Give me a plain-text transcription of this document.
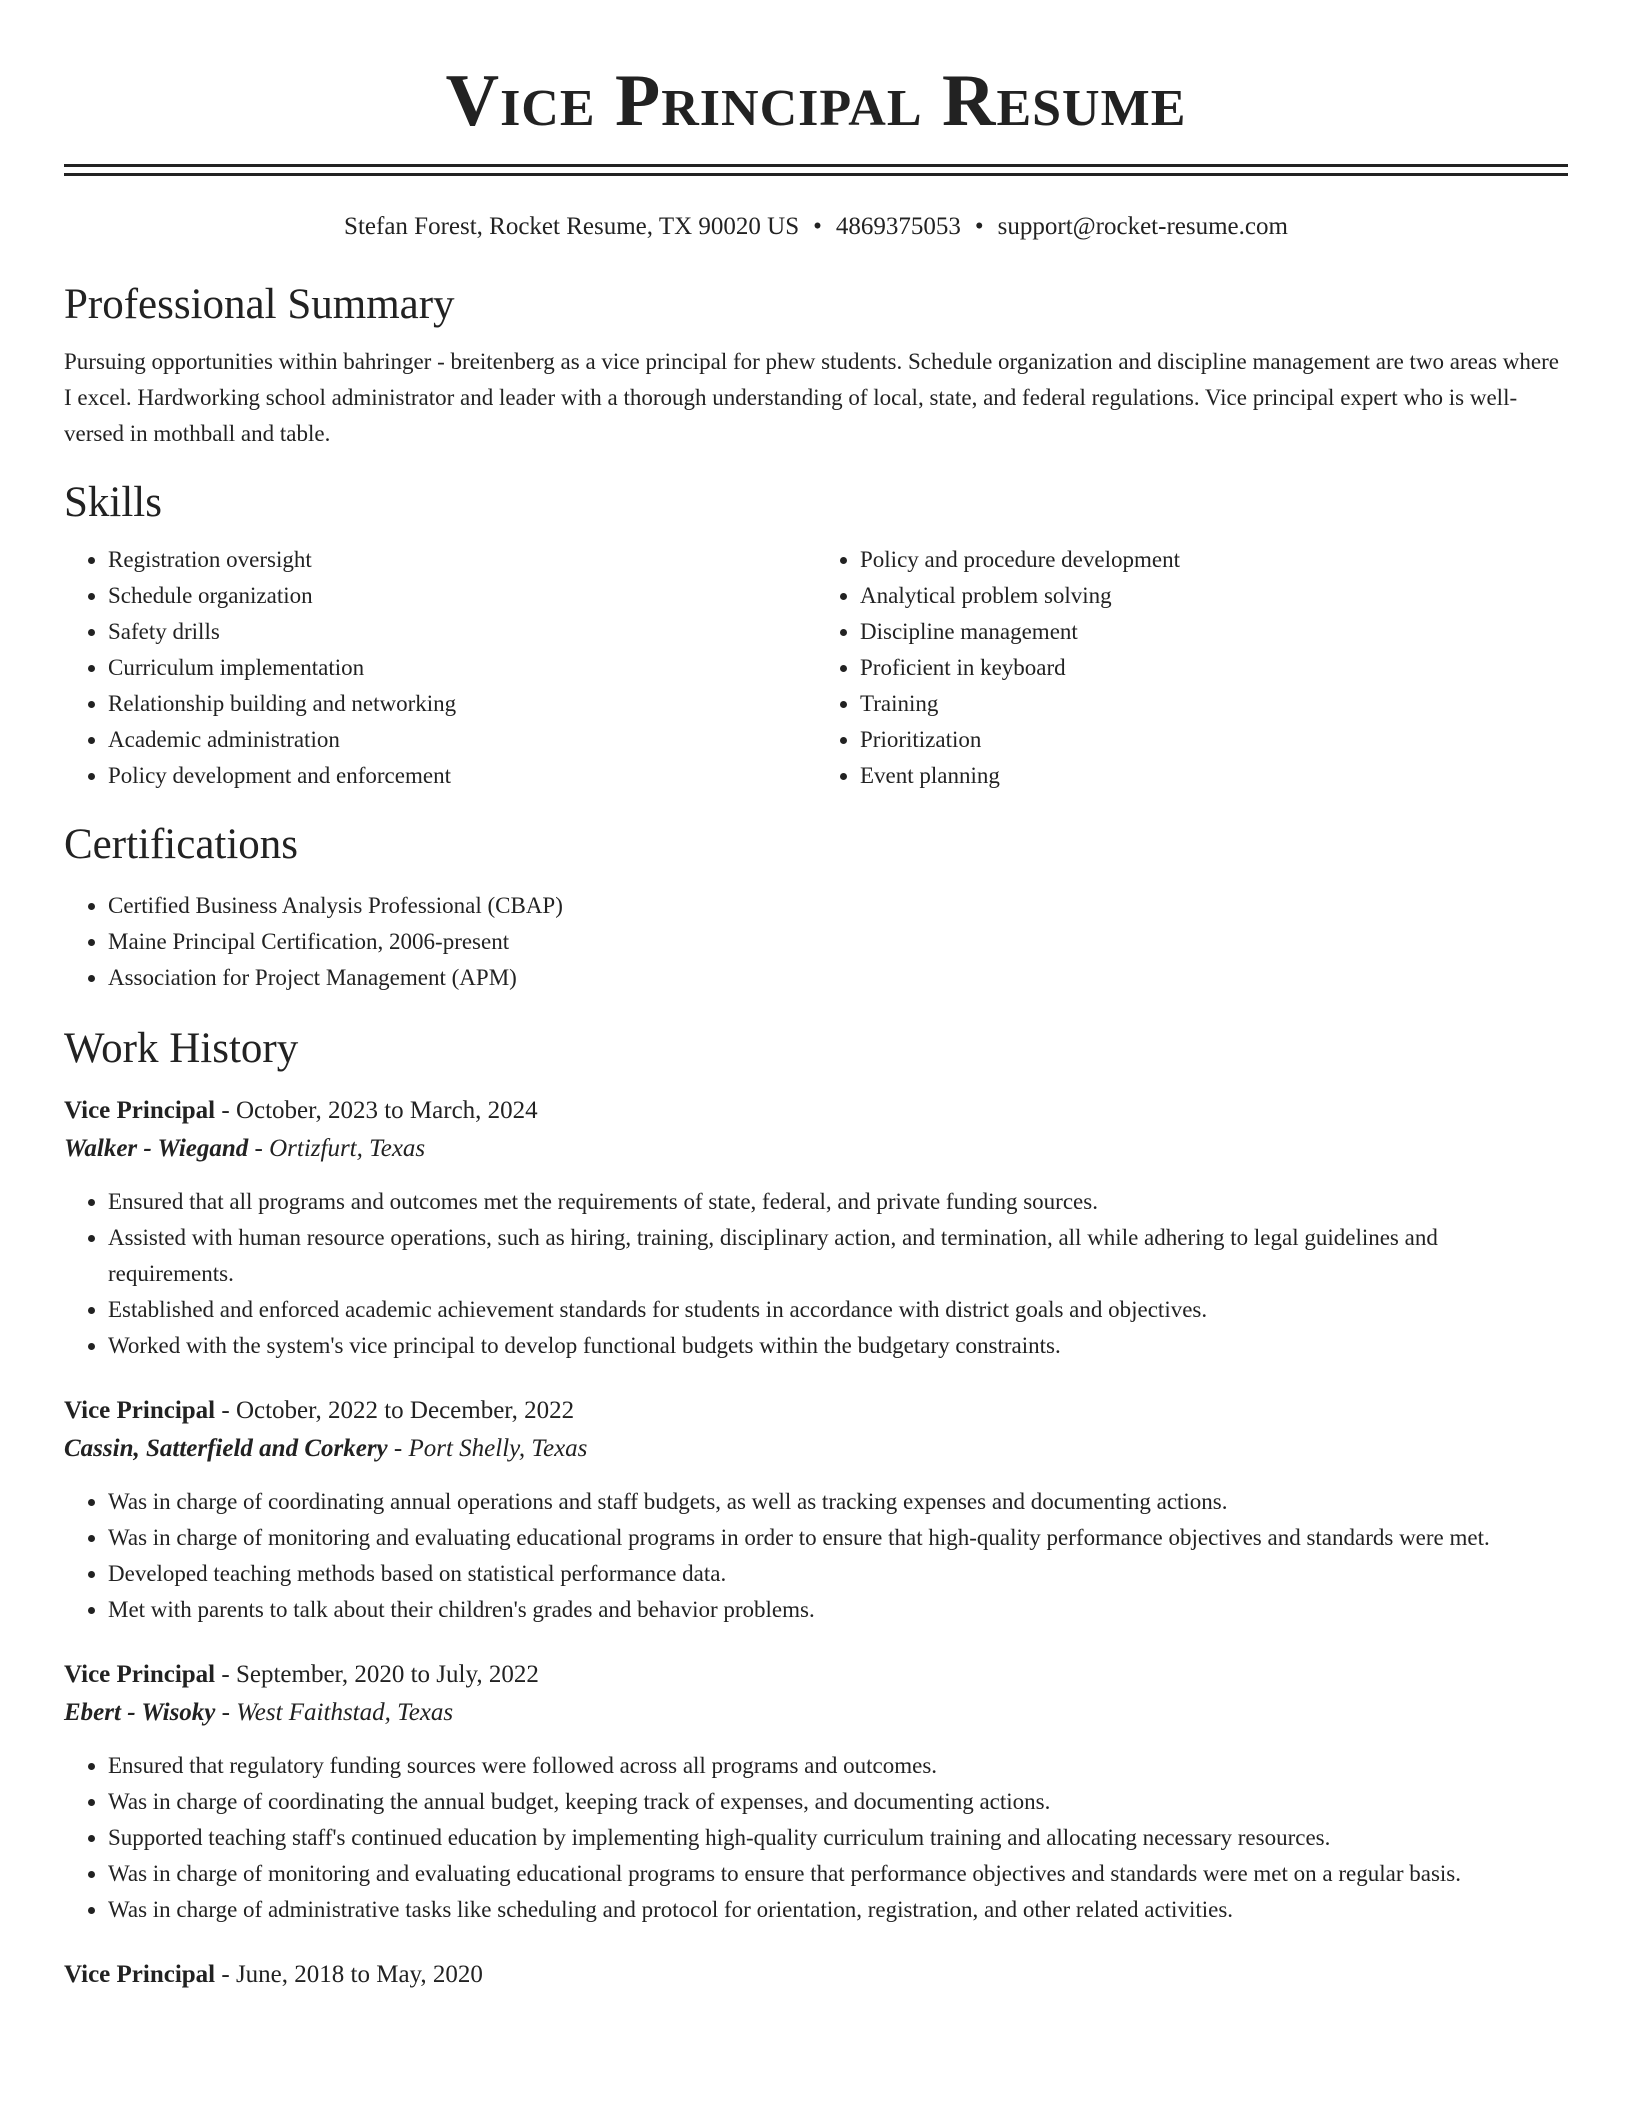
Vice Principal Resume
Stefan Forest, Rocket Resume, TX 90020 US • 4869375053 • support@rocket-resume.com
Professional Summary
Pursuing opportunities within bahringer - breitenberg as a vice principal for phew students. Schedule organization and discipline management are two areas where I excel. Hardworking school administrator and leader with a thorough understanding of local, state, and federal regulations. Vice principal expert who is well-versed in mothball and table.
Skills
• Registration oversight
• Schedule organization
• Safety drills
• Curriculum implementation
• Relationship building and networking
• Academic administration
• Policy development and enforcement
• Policy and procedure development
• Analytical problem solving
• Discipline management
• Proficient in keyboard
• Training
• Prioritization
• Event planning
Certifications
• Certified Business Analysis Professional (CBAP)
• Maine Principal Certification, 2006-present
• Association for Project Management (APM)
Work History
Vice Principal - October, 2023 to March, 2024
Walker - Wiegand - Ortizfurt, Texas
• Ensured that all programs and outcomes met the requirements of state, federal, and private funding sources.
• Assisted with human resource operations, such as hiring, training, disciplinary action, and termination, all while adhering to legal guidelines and requirements.
• Established and enforced academic achievement standards for students in accordance with district goals and objectives.
• Worked with the system's vice principal to develop functional budgets within the budgetary constraints.
Vice Principal - October, 2022 to December, 2022
Cassin, Satterfield and Corkery - Port Shelly, Texas
• Was in charge of coordinating annual operations and staff budgets, as well as tracking expenses and documenting actions.
• Was in charge of monitoring and evaluating educational programs in order to ensure that high-quality performance objectives and standards were met.
• Developed teaching methods based on statistical performance data.
• Met with parents to talk about their children's grades and behavior problems.
Vice Principal - September, 2020 to July, 2022
Ebert - Wisoky - West Faithstad, Texas
• Ensured that regulatory funding sources were followed across all programs and outcomes.
• Was in charge of coordinating the annual budget, keeping track of expenses, and documenting actions.
• Supported teaching staff's continued education by implementing high-quality curriculum training and allocating necessary resources.
• Was in charge of monitoring and evaluating educational programs to ensure that performance objectives and standards were met on a regular basis.
• Was in charge of administrative tasks like scheduling and protocol for orientation, registration, and other related activities.
Vice Principal - June, 2018 to May, 2020
